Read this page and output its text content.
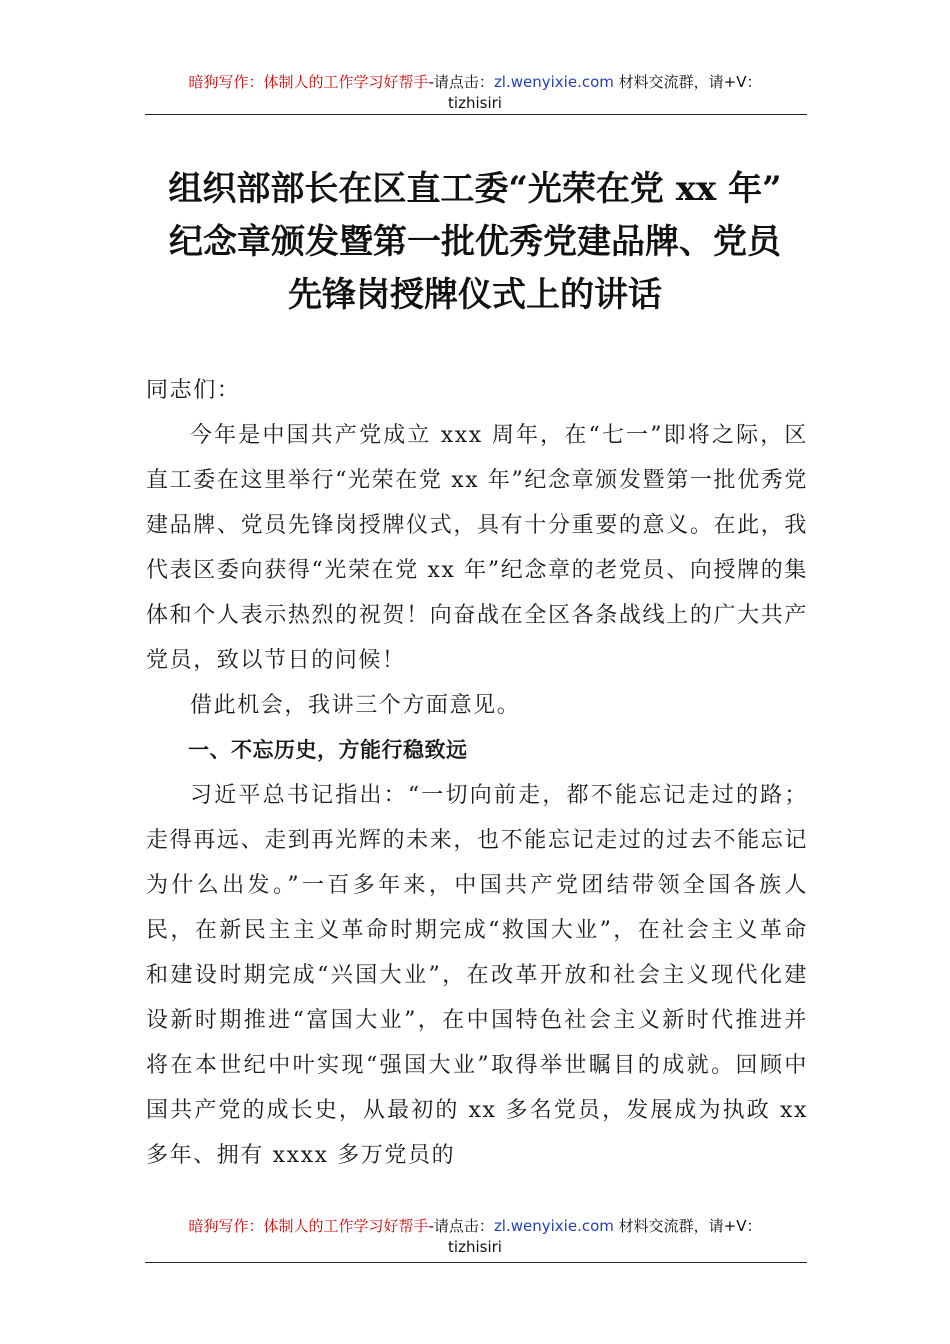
暗狗写作：体制人的工作学习好帮手-请点击：zl.wenyixie.com 材料交流群，请+V：
tizhisiri
组织部部长在区直工委“光荣在党 xx 年”
纪念章颁发暨第一批优秀党建品牌、党员
先锋岗授牌仪式上的讲话

同志们：

今年是中国共产党成立 xxx 周年，在“七一”即将之际，区直工委在这里举行“光荣在党 xx 年”纪念章颁发暨第一批优秀党建品牌、党员先锋岗授牌仪式，具有十分重要的意义。在此，我代表区委向获得“光荣在党 xx 年”纪念章的老党员、向授牌的集体和个人表示热烈的祝贺！向奋战在全区各条战线上的广大共产党员，致以节日的问候！

借此机会，我讲三个方面意见。

一、不忘历史，方能行稳致远

习近平总书记指出：“一切向前走，都不能忘记走过的路；走得再远、走到再光辉的未来，也不能忘记走过的过去不能忘记为什么出发。”一百多年来，中国共产党团结带领全国各族人民，在新民主主义革命时期完成“救国大业”，在社会主义革命和建设时期完成“兴国大业”，在改革开放和社会主义现代化建设新时期推进“富国大业”，在中国特色社会主义新时代推进并将在本世纪中叶实现“强国大业”取得举世瞩目的成就。回顾中国共产党的成长史，从最初的 xx 多名党员，发展成为执政 xx 多年、拥有 xxxx 多万党员的

暗狗写作：体制人的工作学习好帮手-请点击：zl.wenyixie.com 材料交流群，请+V：
tizhisiri
